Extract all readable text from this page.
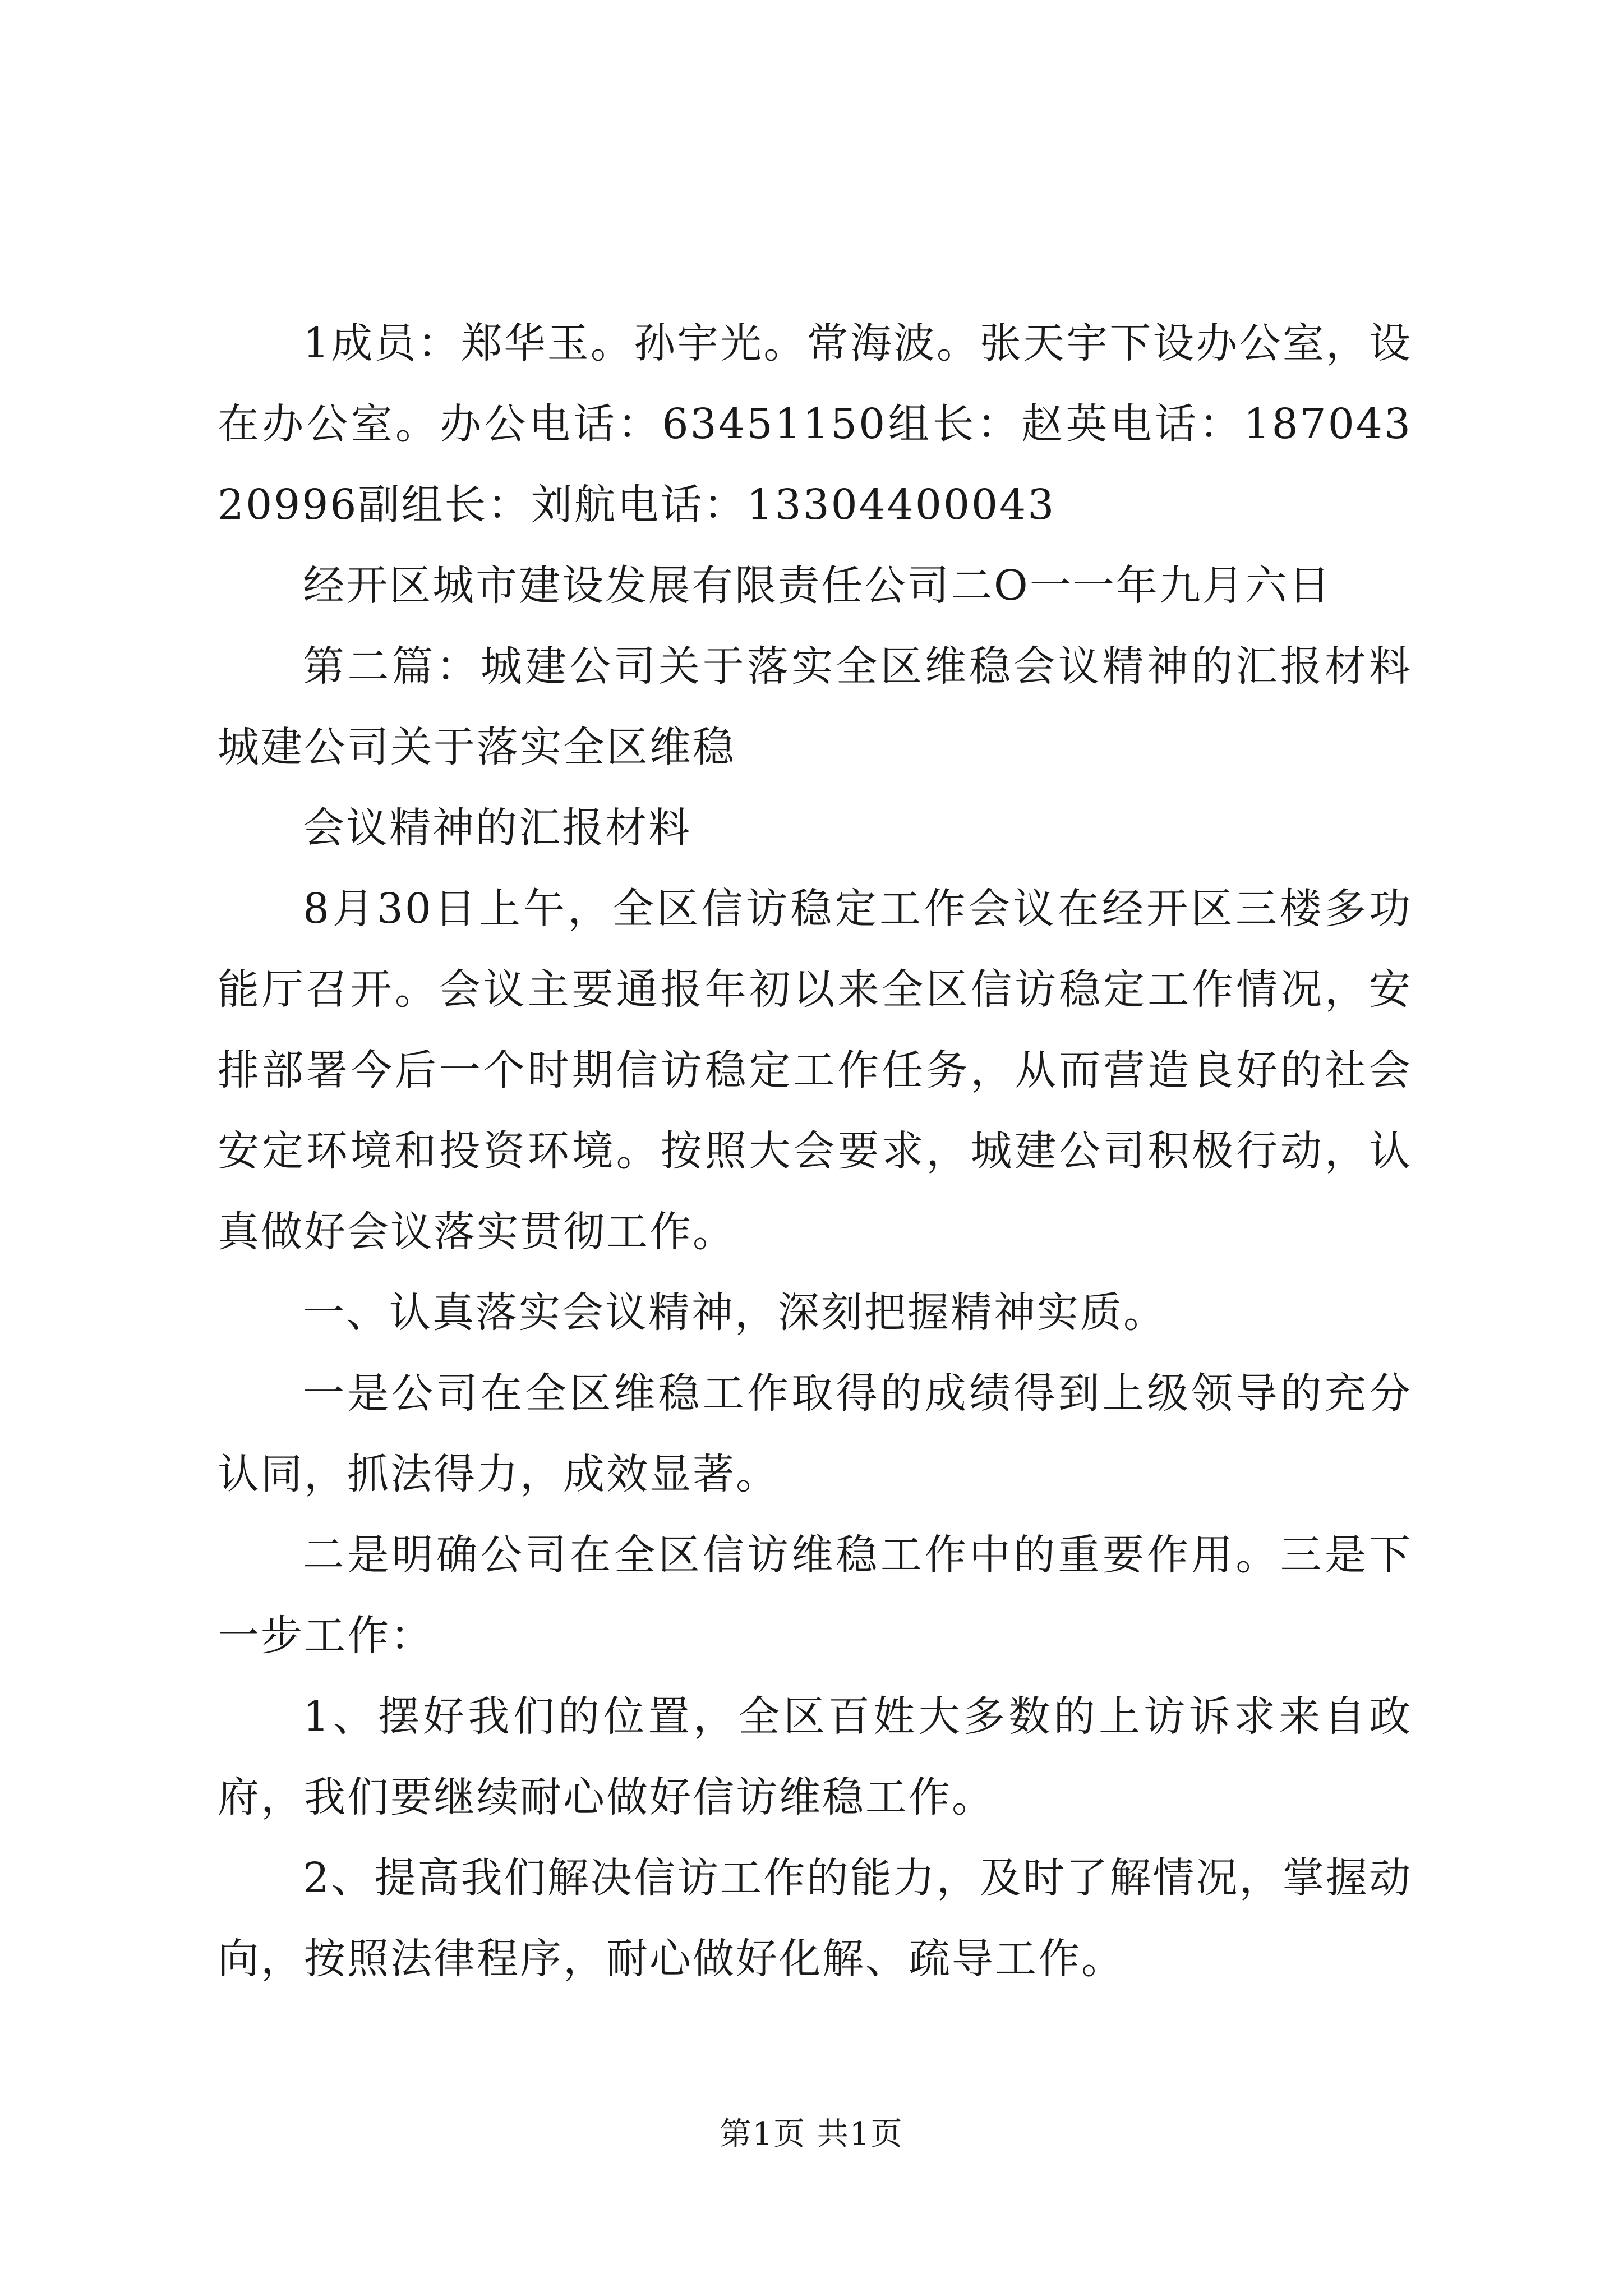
1成员：郑华玉。孙宇光。常海波。张天宇下设办公室，设在办公室。办公电话：63451150组长：赵英电话：18704320996副组长：刘航电话：13304400043

经开区城市建设发展有限责任公司二O一一年九月六日

第二篇：城建公司关于落实全区维稳会议精神的汇报材料城建公司关于落实全区维稳

会议精神的汇报材料

8月30日上午，全区信访稳定工作会议在经开区三楼多功能厅召开。会议主要通报年初以来全区信访稳定工作情况，安排部署今后一个时期信访稳定工作任务，从而营造良好的社会安定环境和投资环境。按照大会要求，城建公司积极行动，认真做好会议落实贯彻工作。

一、认真落实会议精神，深刻把握精神实质。

一是公司在全区维稳工作取得的成绩得到上级领导的充分认同，抓法得力，成效显著。

二是明确公司在全区信访维稳工作中的重要作用。三是下一步工作：

1、摆好我们的位置，全区百姓大多数的上访诉求来自政府，我们要继续耐心做好信访维稳工作。

2、提高我们解决信访工作的能力，及时了解情况，掌握动向，按照法律程序，耐心做好化解、疏导工作。

第1页 共1页
